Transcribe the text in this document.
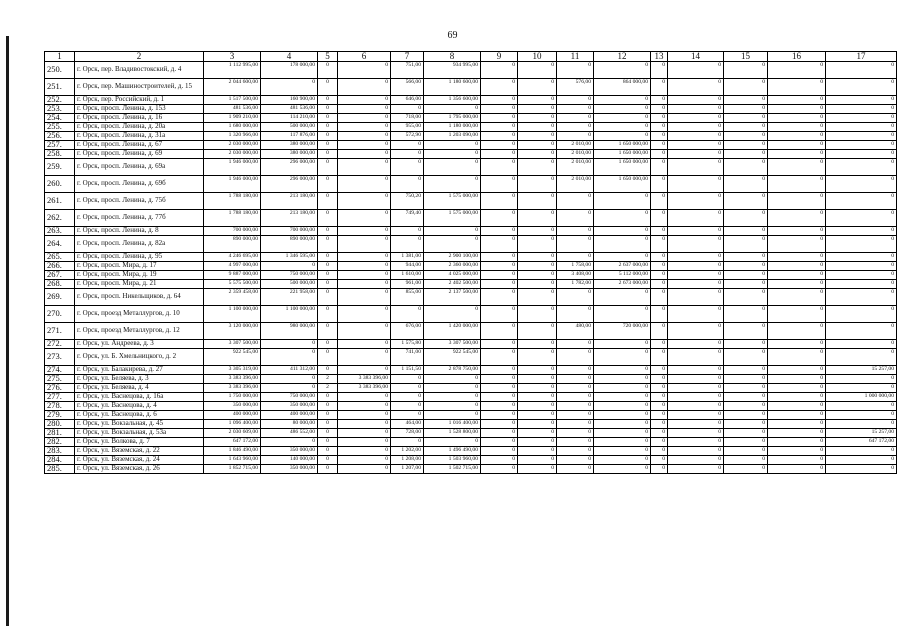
69
1	2	3	4	5	6	7	8	9	10	11	12	13	14	15	16	17
250.	г. Орск, пер. Владивостокский, д. 4	1 112 995,00	178 000,00	0	0	751,00	934 995,00	0	0	0	0	0	0	0	0	0
251.	г. Орск, пер. Машиностроителей, д. 15	2 044 600,00	0	0	0	566,00	1 180 600,00	0	0	576,00	864 000,00	0	0	0	0	0
252.	г. Орск, пер. Российский, д. 1	1 517 500,00	160 900,00	0	0	646,00	1 356 600,00	0	0	0	0	0	0	0	0	0
253.	г. Орск, просп. Ленина, д. 153	481 536,00	481 536,00	0	0	0	0	0	0	0	0	0	0	0	0	0
254.	г. Орск, просп. Ленина, д. 16	1 909 210,00	114 210,00	0	0	718,00	1 795 000,00	0	0	0	0	0	0	0	0	0
255.	г. Орск, просп. Ленина, д. 20а	1 680 000,00	500 000,00	0	0	955,00	1 180 000,00	0	0	0	0	0	0	0	0	0
256.	г. Орск, просп. Ленина, д. 31а	1 320 966,00	117 876,00	0	0	572,90	1 203 090,00	0	0	0	0	0	0	0	0	0
257.	г. Орск, просп. Ленина, д. 67	2 030 000,00	380 000,00	0	0	0	0	0	0	2 010,00	1 650 000,00	0	0	0	0	0
258.	г. Орск, просп. Ленина, д. 69	2 030 000,00	380 000,00	0	0	0	0	0	0	2 010,00	1 650 000,00	0	0	0	0	0
259.	г. Орск, просп. Ленина, д. 69а	1 946 000,00	296 000,00	0	0	0	0	0	0	2 010,00	1 650 000,00	0	0	0	0	0
260.	г. Орск, просп. Ленина, д. 69б	1 946 000,00	296 000,00	0	0	0	0	0	0	2 010,00	1 650 000,00	0	0	0	0	0
261.	г. Орск, просп. Ленина, д. 75б	1 788 180,00	213 180,00	0	0	750,20	1 575 000,00	0	0	0	0	0	0	0	0	0
262.	г. Орск, просп. Ленина, д. 77б	1 788 180,00	213 180,00	0	0	749,40	1 575 000,00	0	0	0	0	0	0	0	0	0
263.	г. Орск, просп. Ленина, д. 8	700 000,00	700 000,00	0	0	0	0	0	0	0	0	0	0	0	0	0
264.	г. Орск, просп. Ленина, д. 82а	890 000,00	890 000,00	0	0	0	0	0	0	0	0	0	0	0	0	0
265.	г. Орск, просп. Ленина, д. 95	4 246 695,00	1 346 595,00	0	0	1 381,00	2 900 100,00	0	0	0	0	0	0	0	0	0
266.	г. Орск, просп. Мира, д. 17	4 997 000,00	0	0	0	944,00	2 360 000,00	0	0	1 758,00	2 637 000,00	0	0	0	0	0
267.	г. Орск, просп. Мира, д. 19	9 887 000,00	750 000,00	0	0	1 610,00	4 025 000,00	0	0	3 408,00	5 112 000,00	0	0	0	0	0
268.	г. Орск, просп. Мира, д. 21	5 575 500,00	500 000,00	0	0	961,00	2 402 500,00	0	0	1 782,00	2 673 000,00	0	0	0	0	0
269.	г. Орск, просп. Никельщиков, д. 64	2 359 458,00	221 958,00	0	0	855,00	2 137 500,00	0	0	0	0	0	0	0	0	0
270.	г. Орск, проезд Металлургов, д. 10	1 100 000,00	1 100 000,00	0	0	0	0	0	0	0	0	0	0	0	0	0
271.	г. Орск, проезд Металлургов, д. 12	3 120 000,00	980 000,00	0	0	676,00	1 420 000,00	0	0	480,00	720 000,00	0	0	0	0	0
272.	г. Орск, ул. Андреева, д. 3	3 307 500,00	0	0	0	1 575,80	3 307 500,00	0	0	0	0	0	0	0	0	0
273.	г. Орск, ул. Б. Хмельницкого, д. 2	922 545,00	0	0	0	741,00	922 545,00	0	0	0	0	0	0	0	0	0
274.	г. Орск, ул. Балакирева, д. 27	3 305 319,00	411 312,00	0	0	1 151,50	2 878 750,00	0	0	0	0	0	0	0	0	15 257,00
275.	г. Орск, ул. Беляева, д. 3	3 383 396,00	0	2	3 383 396,00	0	0	0	0	0	0	0	0	0	0	0
276.	г. Орск, ул. Беляева, д. 4	3 383 396,00	0	2	3 383 396,00	0	0	0	0	0	0	0	0	0	0	0
277.	г. Орск, ул. Васнецова, д. 16а	1 750 000,00	750 000,00	0	0	0	0	0	0	0	0	0	0	0	0	1 000 000,00
278.	г. Орск, ул. Васнецова, д. 4	350 000,00	350 000,00	0	0	0	0	0	0	0	0	0	0	0	0	0
279.	г. Орск, ул. Васнецова, д. 6	400 000,00	400 000,00	0	0	0	0	0	0	0	0	0	0	0	0	0
280.	г. Орск, ул. Вокзальная, д. 45	1 096 400,00	80 000,00	0	0	464,00	1 016 400,00	0	0	0	0	0	0	0	0	0
281.	г. Орск, ул. Вокзальная, д. 53а	2 030 609,00	486 552,00	0	0	728,00	1 528 800,00	0	0	0	0	0	0	0	0	15 257,00
282.	г. Орск, ул. Волкова, д. 7	647 172,00	0	0	0	0	0	0	0	0	0	0	0	0	0	647 172,00
283.	г. Орск, ул. Вяземская, д. 22	1 846 490,00	350 000,00	0	0	1 202,00	1 496 490,00	0	0	0	0	0	0	0	0	0
284.	г. Орск, ул. Вяземская, д. 24	1 643 960,00	140 000,00	0	0	1 208,00	1 503 960,00	0	0	0	0	0	0	0	0	0
285.	г. Орск, ул. Вяземская, д. 26	1 852 715,00	350 000,00	0	0	1 207,00	1 502 715,00	0	0	0	0	0	0	0	0	0
